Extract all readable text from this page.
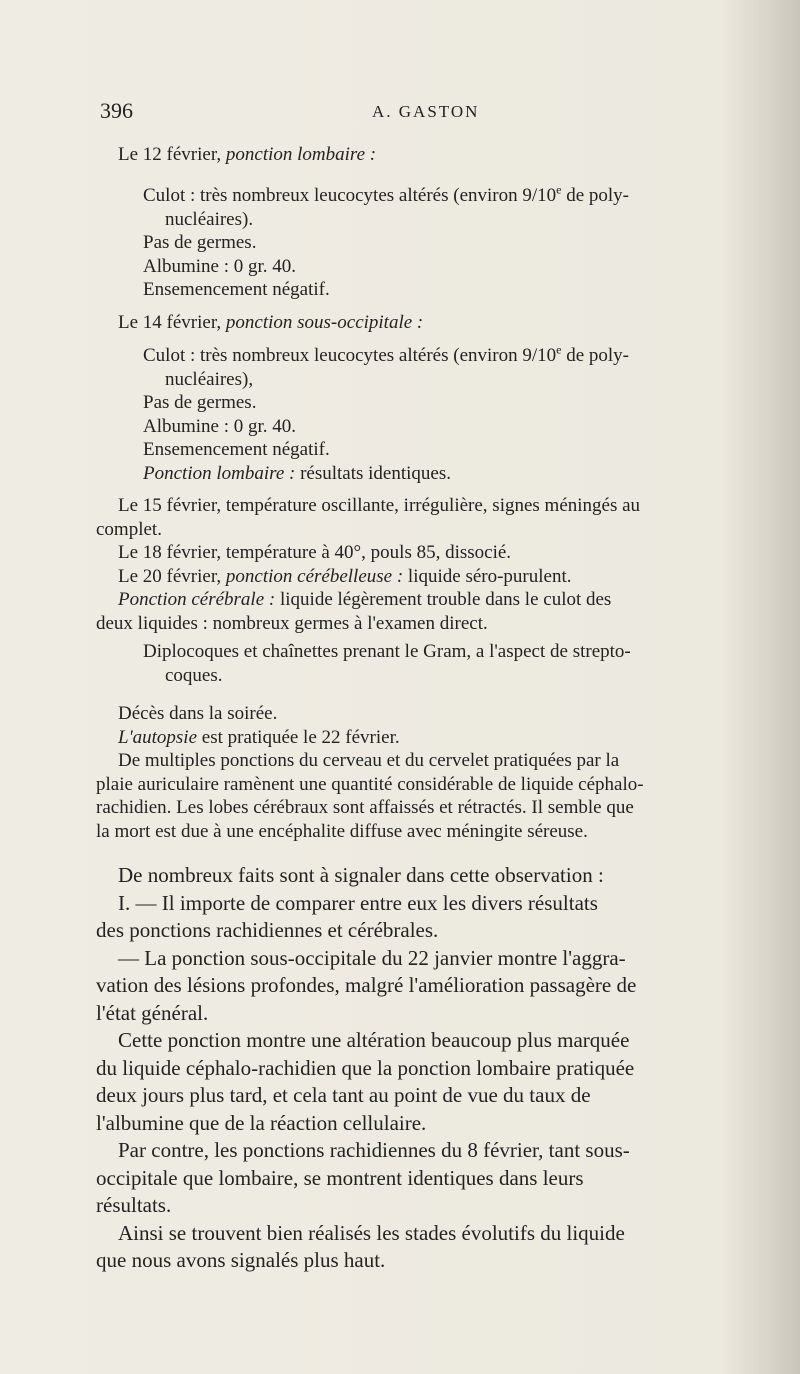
396	A. GASTON

Le 12 février, ponction lombaire :

Culot : très nombreux leucocytes altérés (environ 9/10e de poly-
nucléaires).
Pas de germes.
Albumine : 0 gr. 40.
Ensemencement négatif.

Le 14 février, ponction sous-occipitale :

Culot : très nombreux leucocytes altérés (environ 9/10e de poly-
nucléaires),
Pas de germes.
Albumine : 0 gr. 40.
Ensemencement négatif.
Ponction lombaire : résultats identiques.
Le 15 février, température oscillante, irrégulière, signes méningés au
complet.
Le 18 février, température à 40°, pouls 85, dissocié.
Le 20 février, ponction cérébelleuse : liquide séro-purulent.
Ponction cérébrale : liquide légèrement trouble dans le culot des
deux liquides : nombreux germes à l'examen direct.
Diplocoques et chaînettes prenant le Gram, a l'aspect de strepto-
coques.
Décès dans la soirée.
L'autopsie est pratiquée le 22 février.
De multiples ponctions du cerveau et du cervelet pratiquées par la
plaie auriculaire ramènent une quantité considérable de liquide céphalo-
rachidien. Les lobes cérébraux sont affaissés et rétractés. Il semble que
la mort est due à une encéphalite diffuse avec méningite séreuse.
De nombreux faits sont à signaler dans cette observation :
I. — Il importe de comparer entre eux les divers résultats
des ponctions rachidiennes et cérébrales.
— La ponction sous-occipitale du 22 janvier montre l'aggra-
vation des lésions profondes, malgré l'amélioration passagère de
l'état général.
Cette ponction montre une altération beaucoup plus marquée
du liquide céphalo-rachidien que la ponction lombaire pratiquée
deux jours plus tard, et cela tant au point de vue du taux de
l'albumine que de la réaction cellulaire.
Par contre, les ponctions rachidiennes du 8 février, tant sous-
occipitale que lombaire, se montrent identiques dans leurs
résultats.
Ainsi se trouvent bien réalisés les stades évolutifs du liquide
que nous avons signalés plus haut.
